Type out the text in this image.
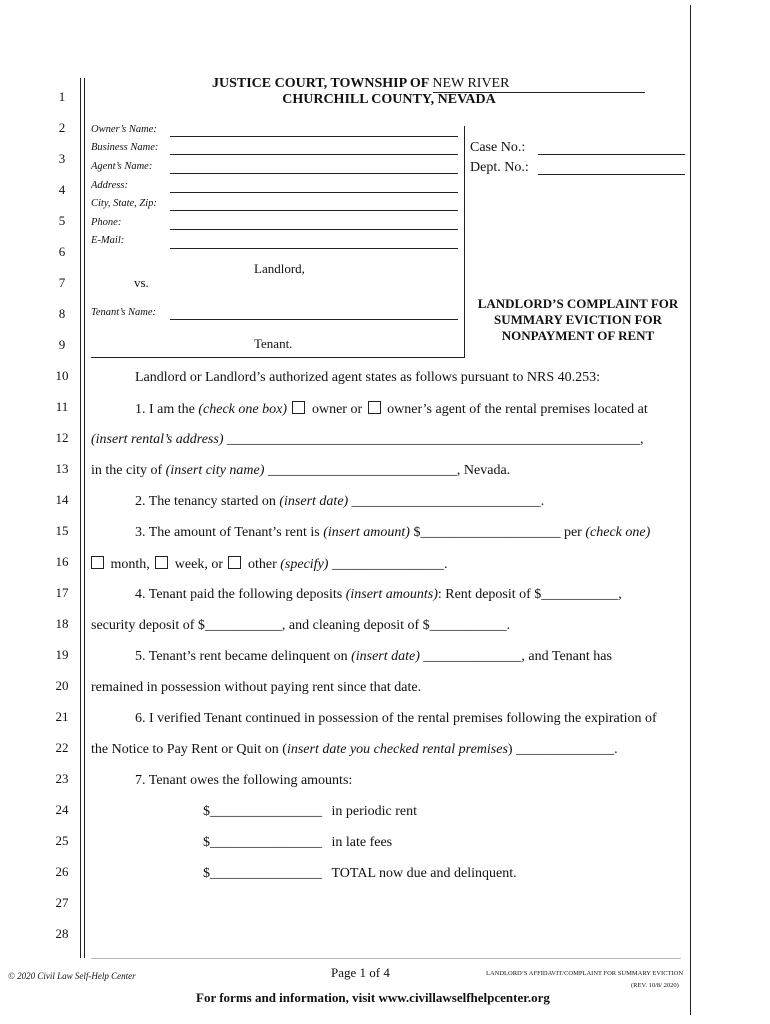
1
2
3
4
5
6
7
8
9
10
11
12
13
14
15
16
17
18
19
20
21
22
23
24
25
26
27
28
JUSTICE COURT, TOWNSHIP OF NEW RIVER
CHURCHILL COUNTY, NEVADA
Owner’s Name:
Business Name:
Agent’s Name:
Address:
City, State, Zip:
Phone:
E-Mail:
Landlord,
vs.
Tenant’s Name:
Tenant.
Case No.:
Dept. No.:
LANDLORD’S COMPLAINT FOR
SUMMARY EVICTION FOR
NONPAYMENT OF RENT
Landlord or Landlord’s authorized agent states as follows pursuant to NRS 40.253:
1. I am the (check one box)  owner or  owner’s agent of the rental premises located at
(insert rental’s address) ___________________________________________________________,
in the city of (insert city name) ___________________________, Nevada.
2. The tenancy started on (insert date) ___________________________.
3. The amount of Tenant’s rent is (insert amount) $____________________ per (check one)
month,  week, or  other (specify) ________________.
4. Tenant paid the following deposits (insert amounts): Rent deposit of $___________,
security deposit of $___________, and cleaning deposit of $___________.
5. Tenant’s rent became delinquent on (insert date) ______________, and Tenant has
remained in possession without paying rent since that date.
6. I verified Tenant continued in possession of the rental premises following the expiration of
the Notice to Pay Rent or Quit on (insert date you checked rental premises) ______________.
7. Tenant owes the following amounts:
$________________ in periodic rent
$________________ in late fees
$________________ TOTAL now due and delinquent.
© 2020 Civil Law Self-Help Center	Page 1 of 4	LANDLORD’S AFFIDAVIT/COMPLAINT FOR SUMMARY EVICTION
(REV. 10/8/ 2020)
For forms and information, visit www.civillawselfhelpcenter.org
